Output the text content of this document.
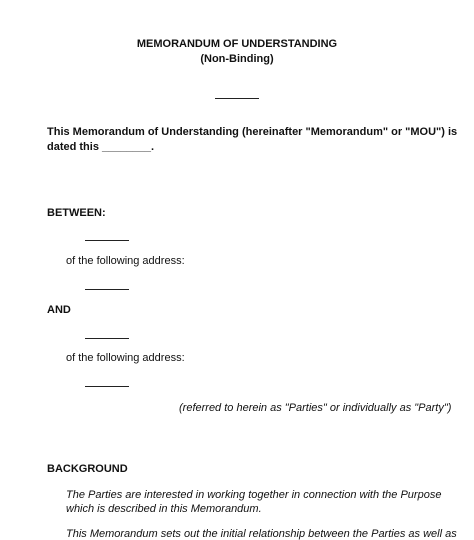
MEMORANDUM OF UNDERSTANDING
(Non-Binding)
This Memorandum of Understanding (hereinafter "Memorandum" or "MOU") is
dated this ________.
BETWEEN:
of the following address:
AND
of the following address:
(referred to herein as "Parties" or individually as "Party")
BACKGROUND
The Parties are interested in working together in connection with the Purpose
which is described in this Memorandum.
This Memorandum sets out the initial relationship between the Parties as well as
